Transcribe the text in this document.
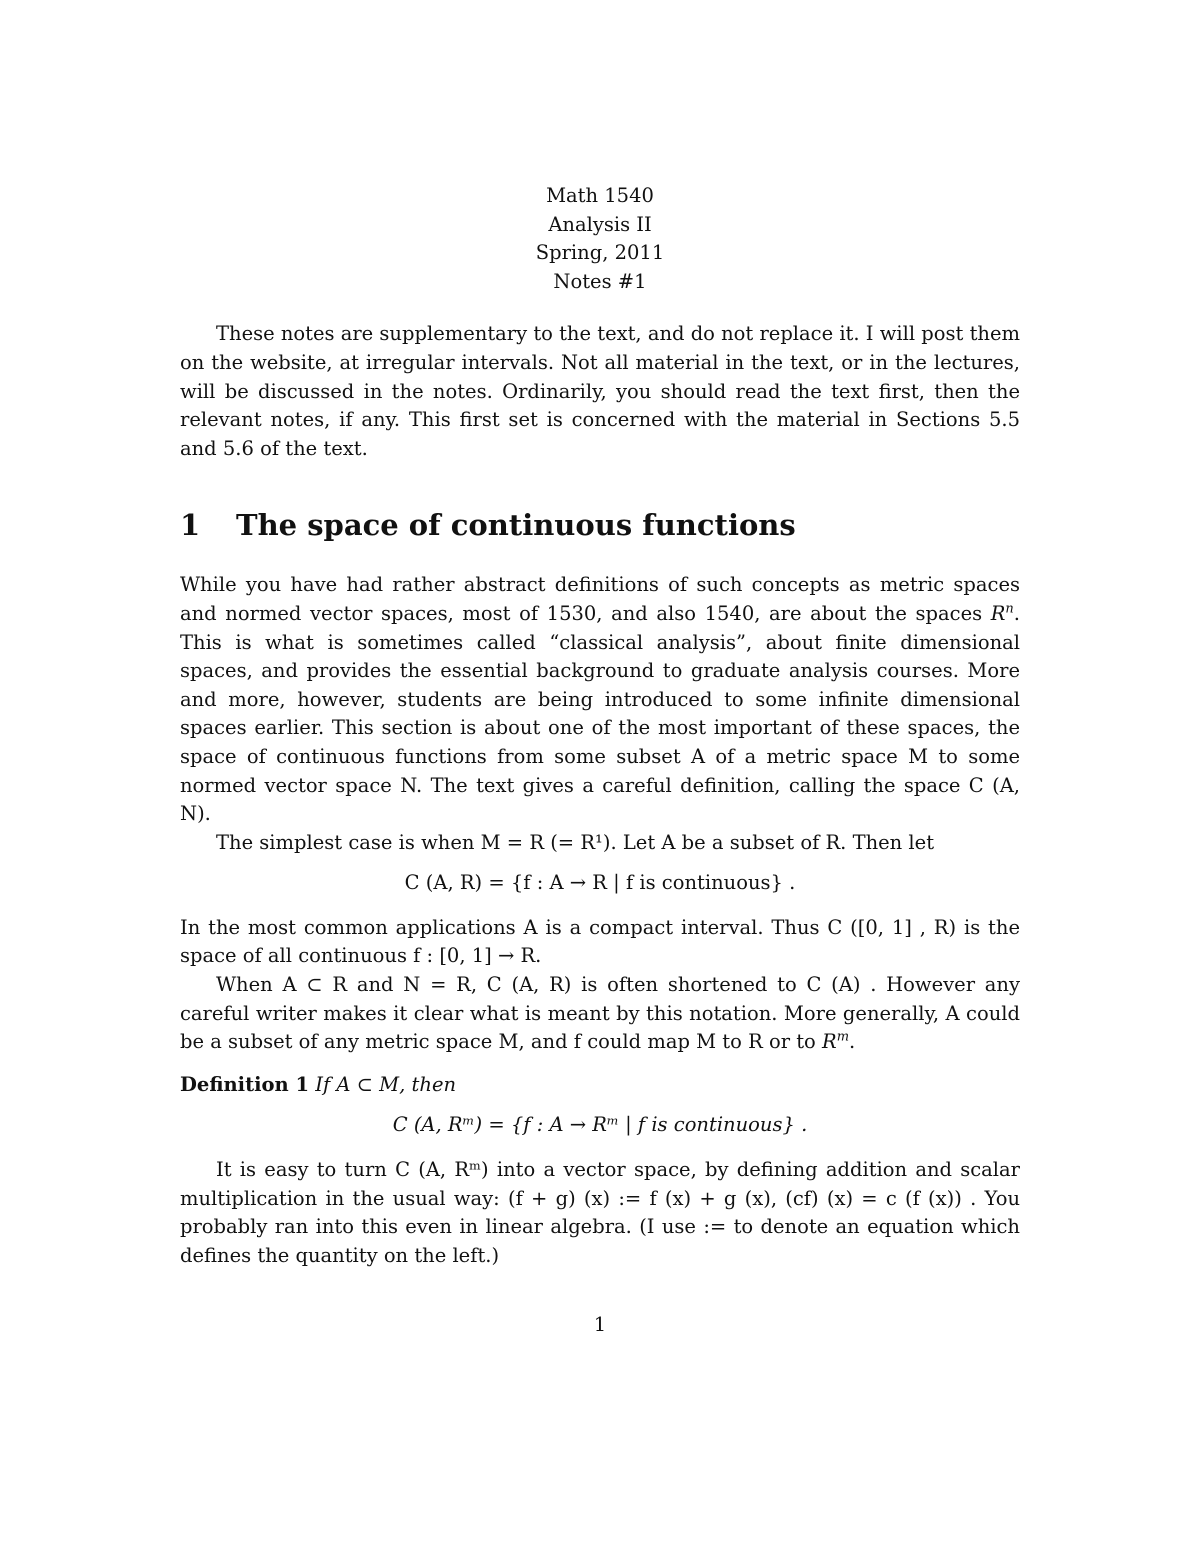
Math 1540
Analysis II
Spring, 2011
Notes #1

These notes are supplementary to the text, and do not replace it. I will post them on the website, at irregular intervals. Not all material in the text, or in the lectures, will be discussed in the notes. Ordinarily, you should read the text first, then the relevant notes, if any. This first set is concerned with the material in Sections 5.5 and 5.6 of the text.

1 The space of continuous functions

While you have had rather abstract definitions of such concepts as metric spaces and normed vector spaces, most of 1530, and also 1540, are about the spaces $R^n$. This is what is sometimes called “classical analysis”, about finite dimensional spaces, and provides the essential background to graduate analysis courses. More and more, however, students are being introduced to some infinite dimensional spaces earlier. This section is about one of the most important of these spaces, the space of continuous functions from some subset A of a metric space M to some normed vector space N. The text gives a careful definition, calling the space C (A, N).

The simplest case is when M = R (= R¹). Let A be a subset of R. Then let

C (A, R) = {f : A → R | f is continuous} .

In the most common applications A is a compact interval. Thus C ([0, 1] , R) is the space of all continuous f : [0, 1] → R.

When A ⊂ R and N = R, C (A, R) is often shortened to C (A) . However any careful writer makes it clear what is meant by this notation. More generally, A could be a subset of any metric space M, and f could map M to R or to $R^m$.

Definition 1 If A ⊂ M, then

C (A, Rᵐ) = {f : A → Rᵐ | f is continuous} .

It is easy to turn C (A, Rᵐ) into a vector space, by defining addition and scalar multiplication in the usual way: (f + g) (x) := f (x) + g (x), (cf) (x) = c (f (x)) . You probably ran into this even in linear algebra. (I use := to denote an equation which defines the quantity on the left.)

1
